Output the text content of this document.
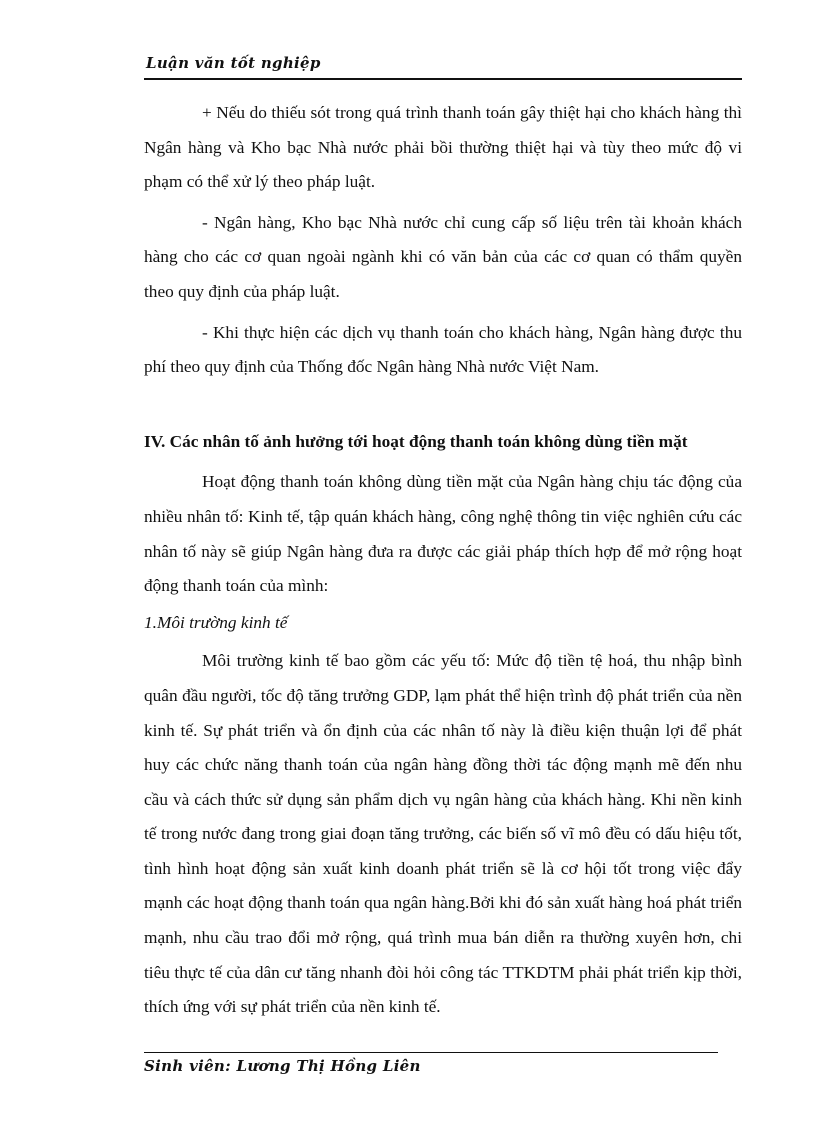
Luận văn tốt nghiệp

+ Nếu do thiếu sót trong quá trình thanh toán gây thiệt hại cho khách hàng thì Ngân hàng và Kho bạc Nhà nước phải bồi thường thiệt hại và tùy theo mức độ vi phạm có thể xử lý theo pháp luật.

- Ngân hàng, Kho bạc Nhà nước chỉ cung cấp số liệu trên tài khoản khách hàng cho các cơ quan ngoài ngành khi có văn bản của các cơ quan có thẩm quyền theo quy định của pháp luật.

- Khi thực hiện các dịch vụ thanh toán cho khách hàng, Ngân hàng được thu phí theo quy định của Thống đốc Ngân hàng Nhà nước Việt Nam.

IV. Các nhân tố ảnh hưởng tới hoạt động thanh toán không dùng tiền mặt

Hoạt động thanh toán không dùng tiền mặt của Ngân hàng chịu tác động của nhiều nhân tố: Kinh tế, tập quán khách hàng, công nghệ thông tin việc nghiên cứu các nhân tố này sẽ giúp Ngân hàng đưa ra được các giải pháp thích hợp để mở rộng hoạt động thanh toán của mình:

1.Môi trường kinh tế

Môi trường kinh tế bao gồm các yếu tố: Mức độ tiền tệ hoá, thu nhập bình quân đầu người, tốc độ tăng trưởng GDP, lạm phát thể hiện trình độ phát triển của nền kinh tế. Sự phát triển và ổn định của các nhân tố này là điều kiện thuận lợi để phát huy các chức năng thanh toán của ngân hàng đồng thời tác động mạnh mẽ đến nhu cầu và cách thức sử dụng sản phẩm dịch vụ ngân hàng của khách hàng. Khi nền kinh tế trong nước đang trong giai đoạn tăng trưởng, các biến số vĩ mô đều có dấu hiệu tốt, tình hình hoạt động sản xuất kinh doanh phát triển sẽ là cơ hội tốt trong việc đẩy mạnh các hoạt động thanh toán qua ngân hàng.Bởi khi đó sản xuất hàng hoá phát triển mạnh, nhu cầu trao đổi mở rộng, quá trình mua bán diễn ra thường xuyên hơn, chi tiêu thực tế của dân cư tăng nhanh đòi hỏi công tác TTKDTM phải phát triển kịp thời, thích ứng với sự phát triển của nền kinh tế.

Sinh viên: Lương Thị Hồng Liên
